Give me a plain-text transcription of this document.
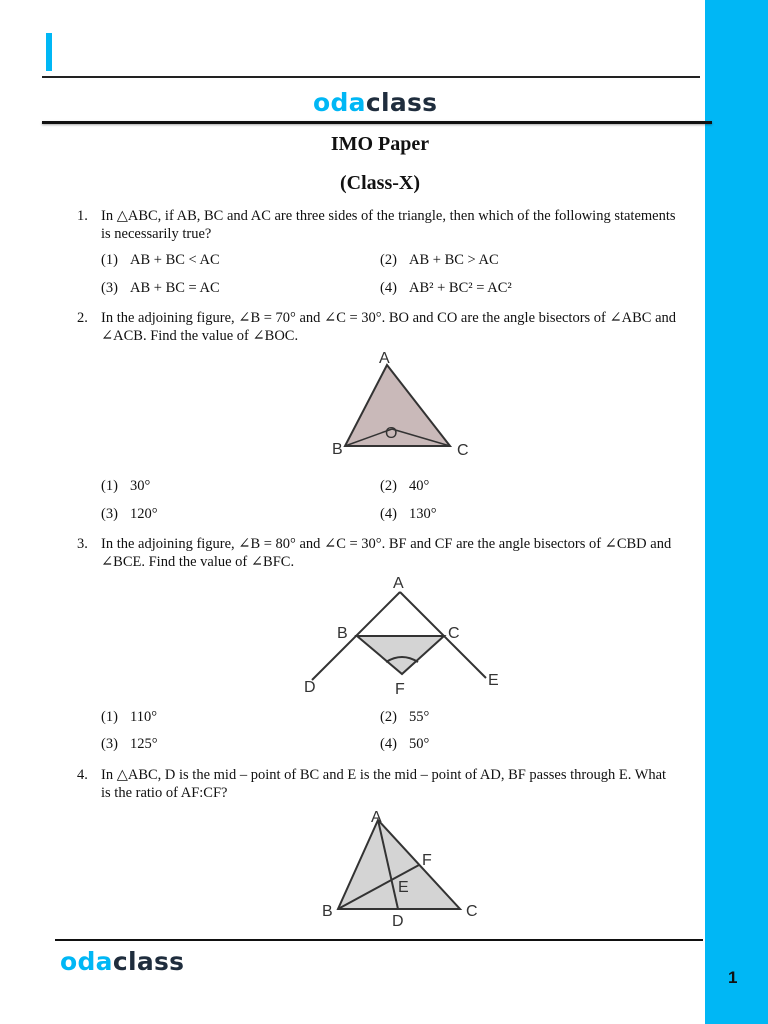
1
odaclass
IMO Paper
(Class-X)
1. In △ABC, if AB, BC and AC are three sides of the triangle, then which of the following statements
is necessarily true?
(1) AB + BC < AC	(2) AB + BC > AC
(3) AB + BC = AC	(4) AB² + BC² = AC²
2. In the adjoining figure, ∠B = 70° and ∠C = 30°. BO and CO are the angle bisectors of ∠ABC and
∠ACB. Find the value of ∠BOC.
A
B	C
O
(1) 30°	(2) 40°
(3) 120°	(4) 130°
3. In the adjoining figure, ∠B = 80° and ∠C = 30°. BF and CF are the angle bisectors of ∠CBD and
∠BCE. Find the value of ∠BFC.
A
B	C
D	E
F
(1) 110°	(2) 55°
(3) 125°	(4) 50°
4. In △ABC, D is the mid – point of BC and E is the mid – point of AD, BF passes through E. What
is the ratio of AF:CF?
A
B	C
D
E
F
odaclass
